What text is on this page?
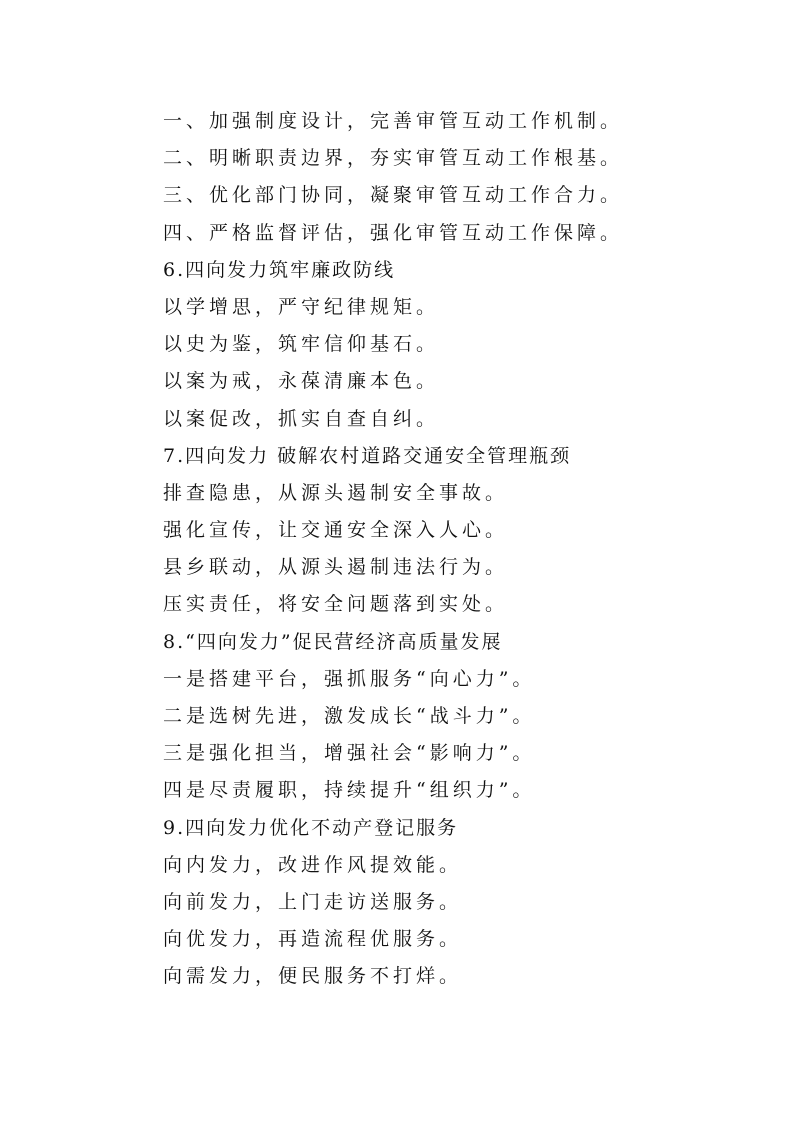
一、加强制度设计，完善审管互动工作机制。
二、明晰职责边界，夯实审管互动工作根基。
三、优化部门协同，凝聚审管互动工作合力。
四、严格监督评估，强化审管互动工作保障。
6.四向发力筑牢廉政防线
以学增思，严守纪律规矩。
以史为鉴，筑牢信仰基石。
以案为戒，永葆清廉本色。
以案促改，抓实自查自纠。
7.四向发力 破解农村道路交通安全管理瓶颈
排查隐患，从源头遏制安全事故。
强化宣传，让交通安全深入人心。
县乡联动，从源头遏制违法行为。
压实责任，将安全问题落到实处。
8.“四向发力”促民营经济高质量发展
一是搭建平台，强抓服务“向心力”。
二是选树先进，激发成长“战斗力”。
三是强化担当，增强社会“影响力”。
四是尽责履职，持续提升“组织力”。
9.四向发力优化不动产登记服务
向内发力，改进作风提效能。
向前发力，上门走访送服务。
向优发力，再造流程优服务。
向需发力，便民服务不打烊。
